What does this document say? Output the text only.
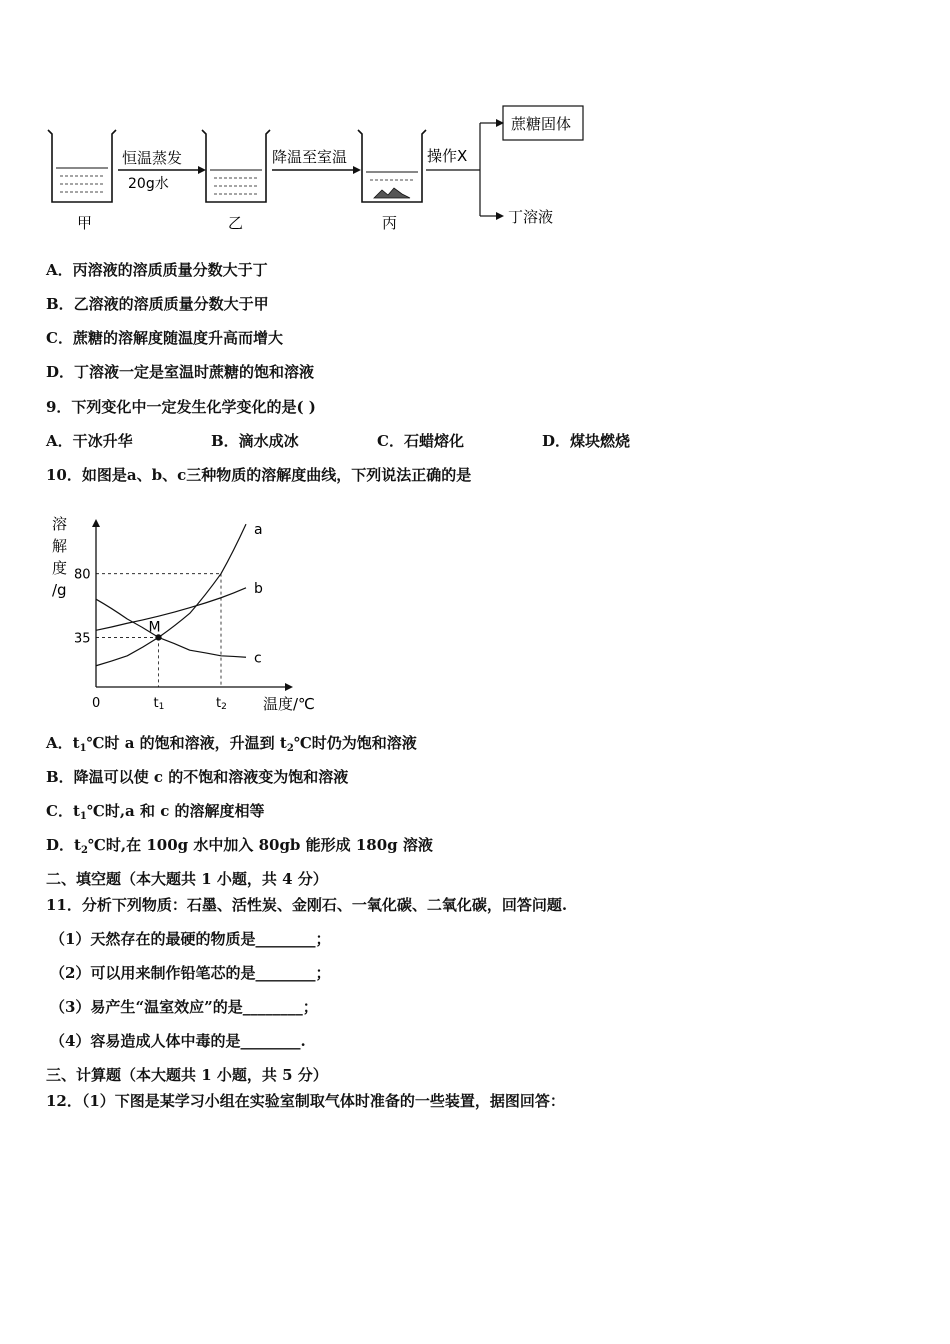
甲
恒温蒸发
20g水
乙
降温至室温
丙
操作X
蔗糖固体
丁溶液
A．丙溶液的溶质质量分数大于丁
B．乙溶液的溶质质量分数大于甲
C．蔗糖的溶解度随温度升高而增大
D．丁溶液一定是室温时蔗糖的饱和溶液
9．下列变化中一定发生化学变化的是( )
A．干冰升华	B．滴水成冰	C．石蜡熔化	D．煤块燃烧
10．如图是a、b、c三种物质的溶解度曲线，下列说法正确的是
溶
解
度
/g
温度/℃
0
35
80
t1	t2
a
b
c
M
A．$t_1℃$时 a 的饱和溶液，升温到 $t_2℃$时仍为饱和溶液
B．降温可以使 c 的不饱和溶液变为饱和溶液
C．$t_1℃$时,a 和 c 的溶解度相等
D．$t_2℃$时,在 100g 水中加入 80gb 能形成 180g 溶液
二、填空题（本大题共 1 小题，共 4 分）
11．分析下列物质：石墨、活性炭、金刚石、一氧化碳、二氧化碳，回答问题.
（1）天然存在的最硬的物质是________；
（2）可以用来制作铅笔芯的是________；
（3）易产生“温室效应”的是________；
（4）容易造成人体中毒的是________.
三、计算题（本大题共 1 小题，共 5 分）
12．（1）下图是某学习小组在实验室制取气体时准备的一些装置，据图回答：
